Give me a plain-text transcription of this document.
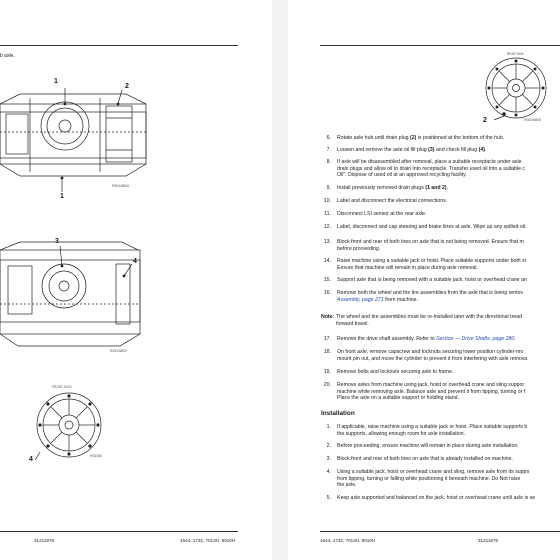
b axle.
1
2
1
RS6346808
3
4
RS6346809
FRONT AXLE
4	RS6346
31211876	1644, 1732, 7013H, 8010H
REAR HUB
2	RS6346808
6. Rotate axle hub until drain plug (2) is positioned at the bottom of the hub.
7. Loosen and remove the axle oil fill plug (3) and check fill plug (4).
8. If axle will be disassembled after removal, place a suitable receptacle under axle
drain plugs and allow oil to drain into receptacle. Transfer used oil into a suitable c
Oil". Dispose of used oil at an approved recycling facility.
9. Install previously removed drain plugs (1 and 2).
10. Label and disconnect the electrical connections.
11. Disconnect LSI sensor at the rear axle.
12. Label, disconnect and cap steering and brake lines at axle. Wipe up any spilled oil.
13. Block front and rear of both tires on axle that is not being removed. Ensure that m
before proceeding.
14. Raise machine using a suitable jack or hoist. Place suitable supports under both si
Ensure that machine will remain in place during axle removal.
15. Support axle that is being removed with a suitable jack, hoist or overhead crane an
16. Remove both the wheel and the tire assemblies from the axle that is being remov
Assembly, page 271 from machine.
17. Remove the drive shaft assembly. Refer to Section — Drive Shafts, page 280.
18. On front axle, remove capscrew and locknuts securing lower position cylinder-mo
mount pin out, and move the cylinder to prevent it from interfering with axle remova
19. Remove bolts and locknuts securing axle to frame.
20. Remove axles from machine using jack, hoist or overhead crane and sling suppor
machine while removing axle. Balance axle and prevent it from tipping, turning or f
Place the axle on a suitable support or holding stand.
Note: The wheel and tire assemblies must be re-installed later with the directional tread
forward travel.
Installation
1. If applicable, raise machine using a suitable jack or hoist. Place suitable supports b
the supports, allowing enough room for axle installation.
2. Before proceeding, ensure machine will remain in place during axle installation.
3. Block front and rear of both tires on axle that is already installed on machine.
4. Using a suitable jack, hoist or overhead crane and sling, remove axle from its suppo
from tipping, turning or falling while positioning it beneath machine. Do Not raise
the axle.
5. Keep axle supported and balanced on the jack, hoist or overhead crane until axle is se
1644, 1732, 7013H, 8010H	31211876
